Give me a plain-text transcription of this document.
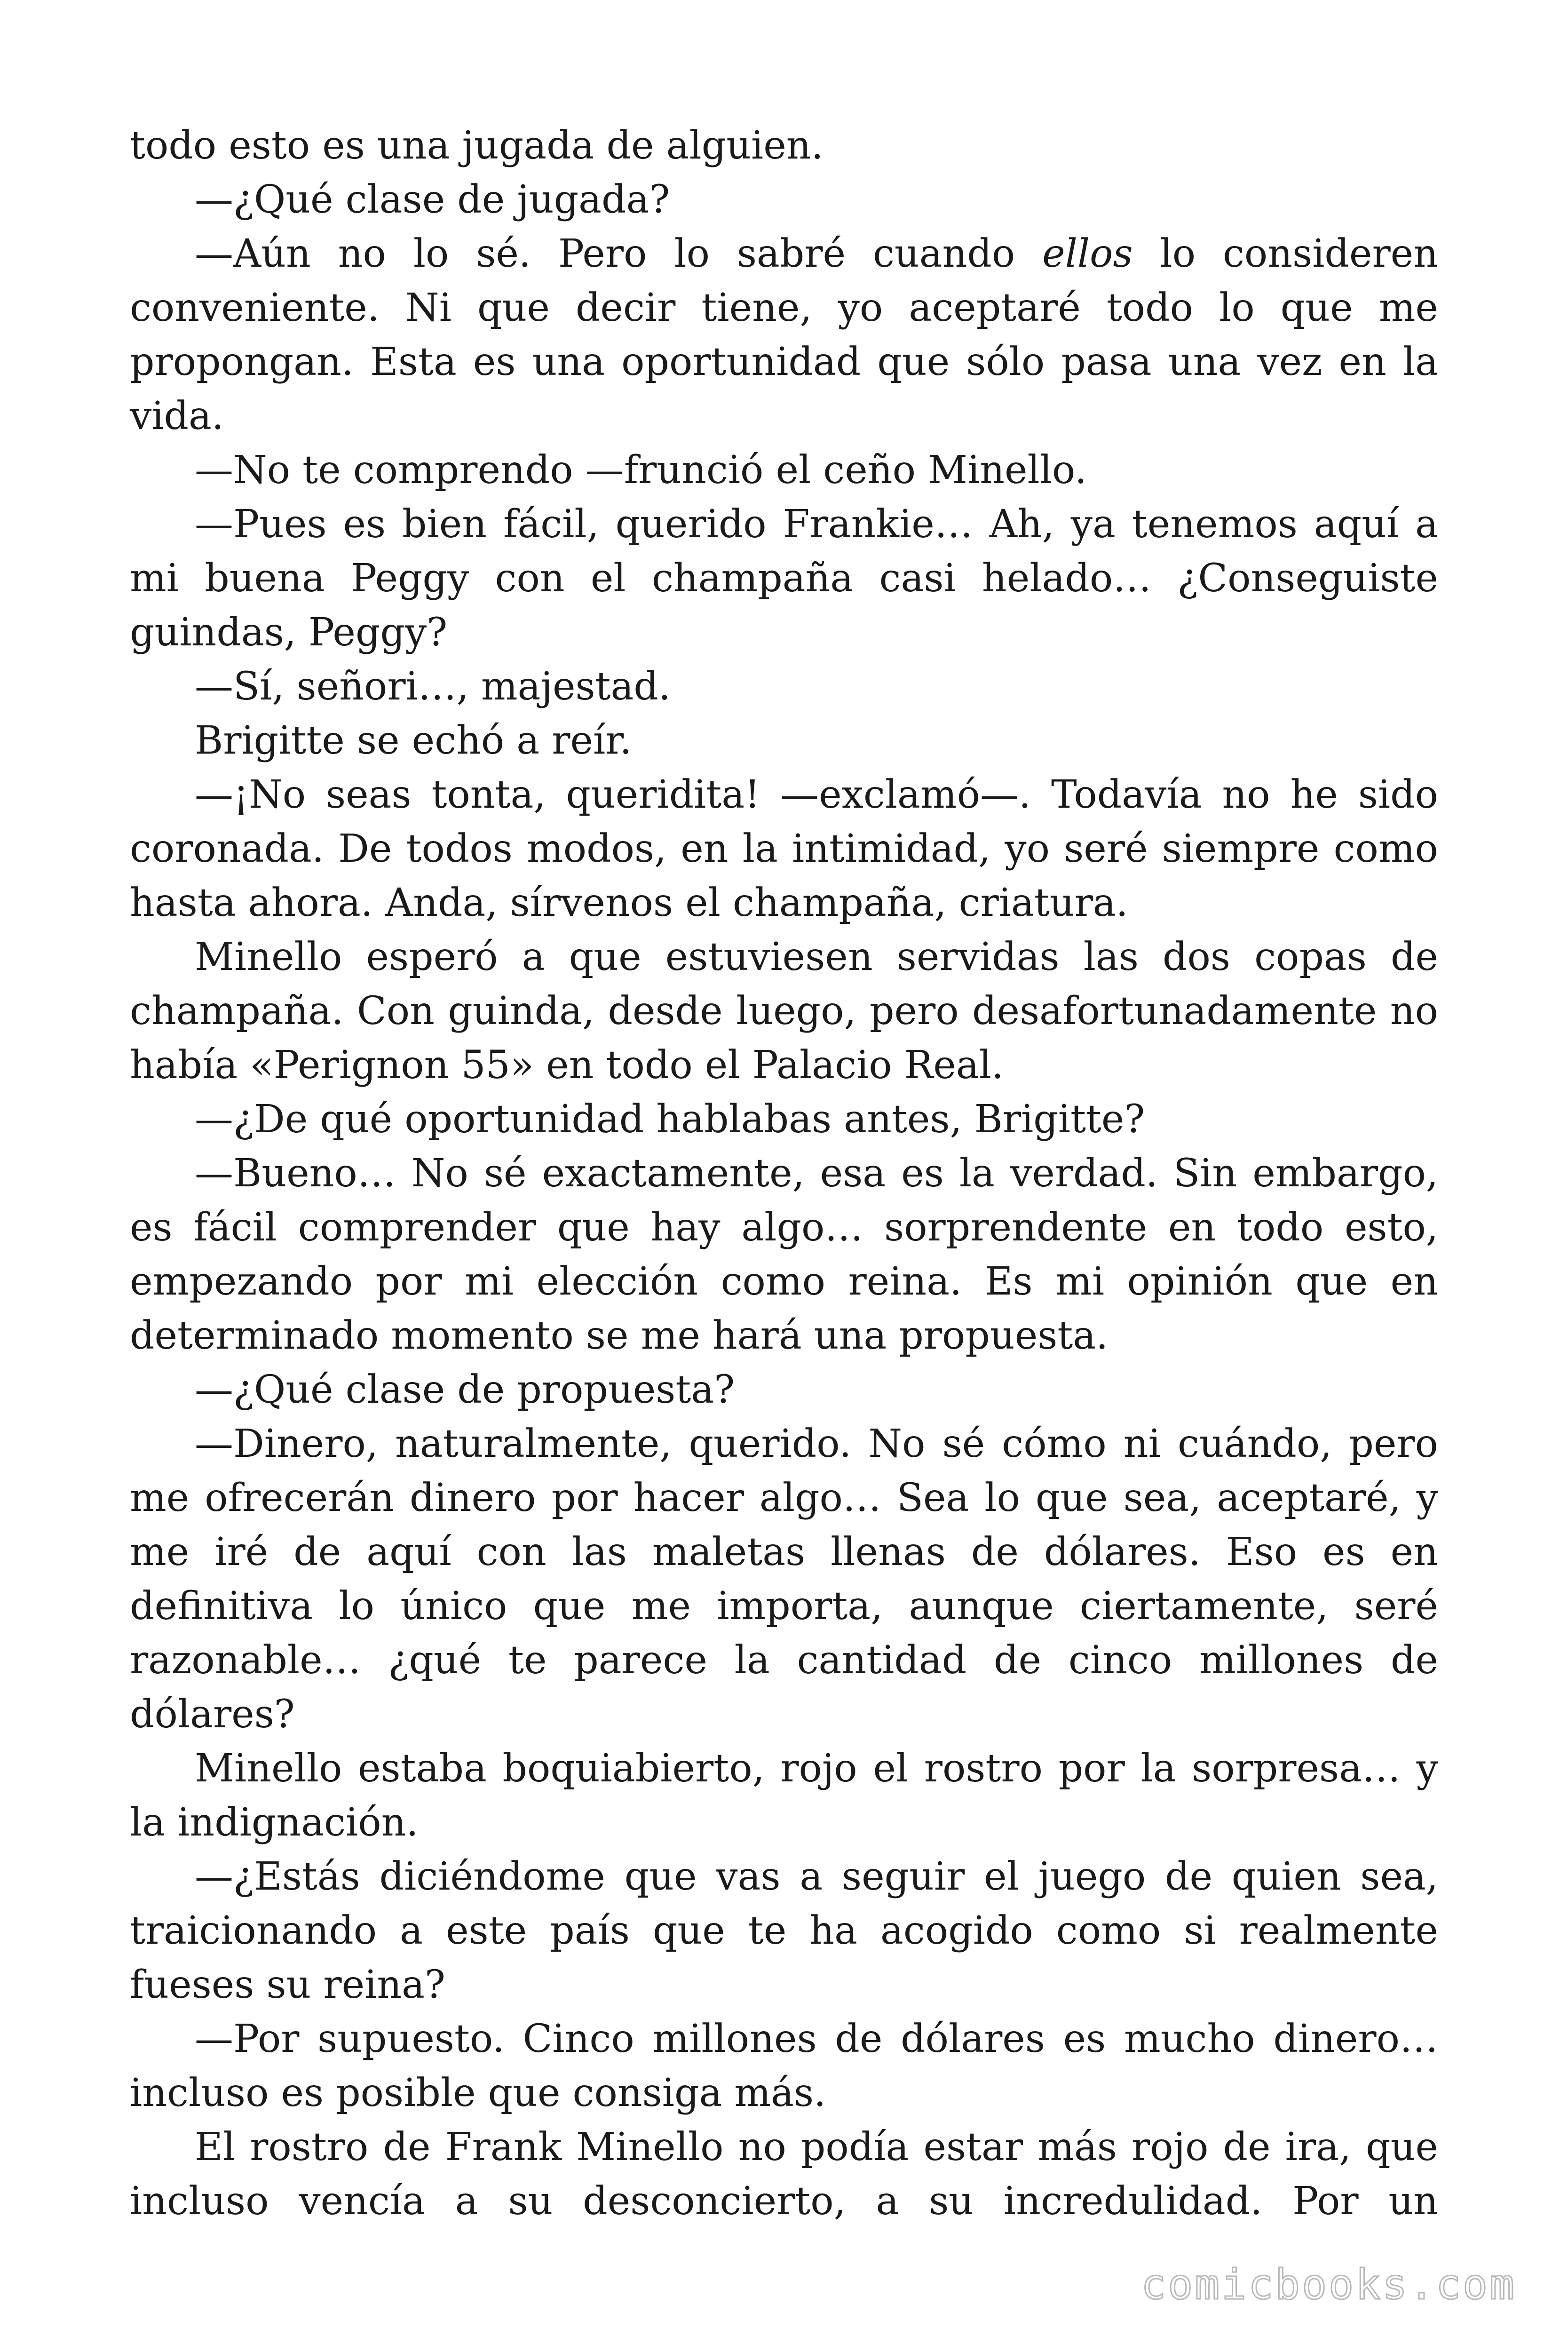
todo esto es una jugada de alguien.

—¿Qué clase de jugada?

—Aún no lo sé. Pero lo sabré cuando ellos lo consideren conveniente. Ni que decir tiene, yo aceptaré todo lo que me propongan. Esta es una oportunidad que sólo pasa una vez en la vida.

—No te comprendo —frunció el ceño Minello.

—Pues es bien fácil, querido Frankie… Ah, ya tenemos aquí a mi buena Peggy con el champaña casi helado… ¿Conseguiste guindas, Peggy?

—Sí, señori…, majestad.

Brigitte se echó a reír.

—¡No seas tonta, queridita! —exclamó—. Todavía no he sido coronada. De todos modos, en la intimidad, yo seré siempre como hasta ahora. Anda, sírvenos el champaña, criatura.

Minello esperó a que estuviesen servidas las dos copas de champaña. Con guinda, desde luego, pero desafortunadamente no había «Perignon 55» en todo el Palacio Real.

—¿De qué oportunidad hablabas antes, Brigitte?

—Bueno… No sé exactamente, esa es la verdad. Sin embargo, es fácil comprender que hay algo… sorprendente en todo esto, empezando por mi elección como reina. Es mi opinión que en determinado momento se me hará una propuesta.

—¿Qué clase de propuesta?

—Dinero, naturalmente, querido. No sé cómo ni cuándo, pero me ofrecerán dinero por hacer algo… Sea lo que sea, aceptaré, y me iré de aquí con las maletas llenas de dólares. Eso es en definitiva lo único que me importa, aunque ciertamente, seré razonable… ¿qué te parece la cantidad de cinco millones de dólares?

Minello estaba boquiabierto, rojo el rostro por la sorpresa… y la indignación.

—¿Estás diciéndome que vas a seguir el juego de quien sea, traicionando a este país que te ha acogido como si realmente fueses su reina?

—Por supuesto. Cinco millones de dólares es mucho dinero… incluso es posible que consiga más.

El rostro de Frank Minello no podía estar más rojo de ira, que incluso vencía a su desconcierto, a su incredulidad. Por un

comicbooks.com
